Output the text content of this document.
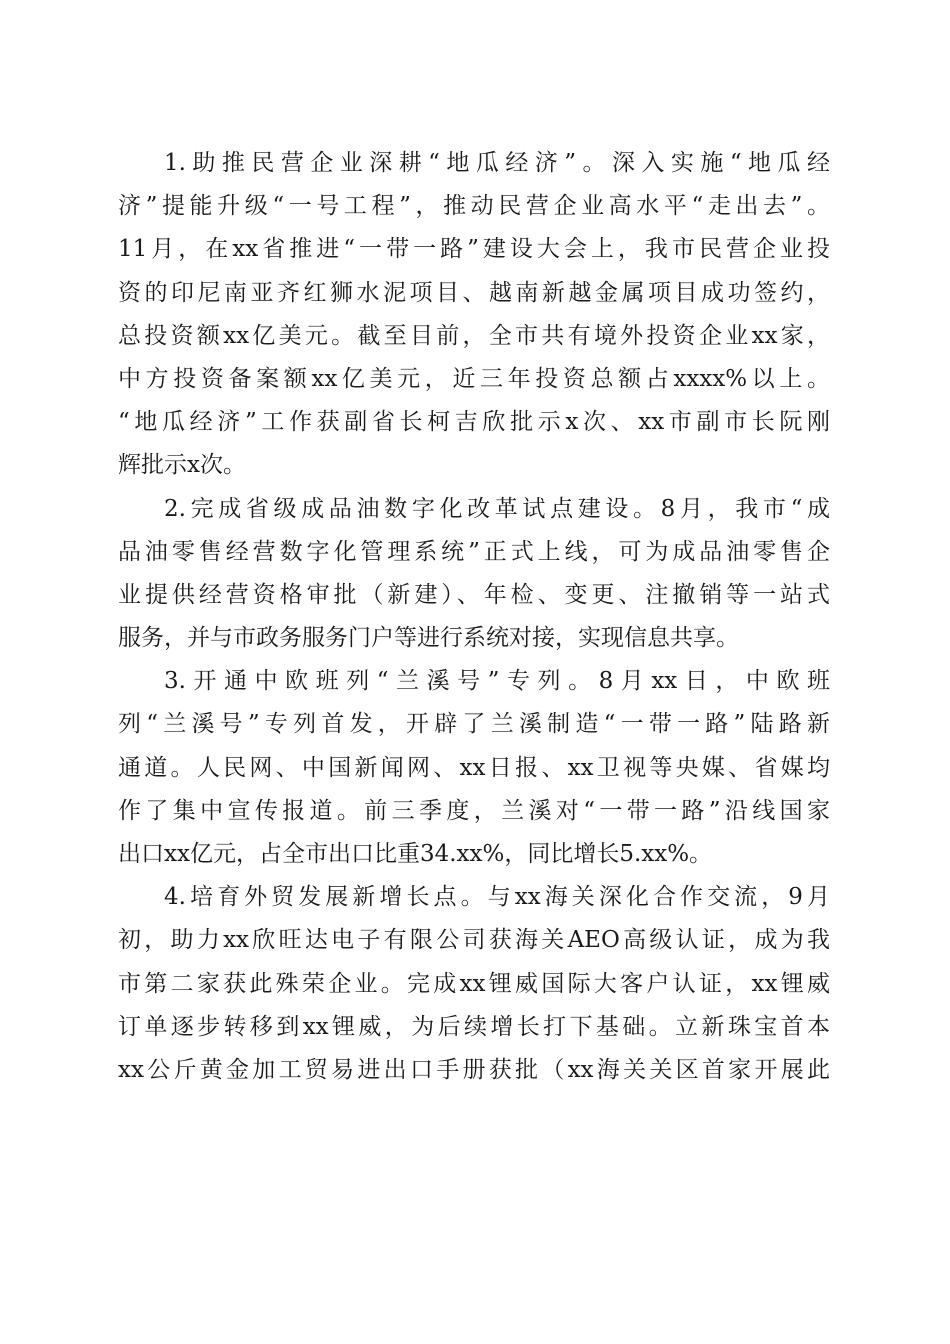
1.助推民营企业深耕“地瓜经济”。深入实施“地瓜经
济”提能升级“一号工程”，推动民营企业高水平“走出去”。
11月，在xx省推进“一带一路”建设大会上，我市民营企业投
资的印尼南亚齐红狮水泥项目、越南新越金属项目成功签约，
总投资额xx亿美元。截至目前，全市共有境外投资企业xx家，
中方投资备案额xx亿美元，近三年投资总额占xxxx%以上。
“地瓜经济”工作获副省长柯吉欣批示x次、xx市副市长阮刚
辉批示x次。
2.完成省级成品油数字化改革试点建设。8月，我市“成
品油零售经营数字化管理系统”正式上线，可为成品油零售企
业提供经营资格审批（新建）、年检、变更、注撤销等一站式
服务，并与市政务服务门户等进行系统对接，实现信息共享。
3.开通中欧班列“兰溪号”专列。8月xx日，中欧班
列“兰溪号”专列首发，开辟了兰溪制造“一带一路”陆路新
通道。人民网、中国新闻网、xx日报、xx卫视等央媒、省媒均
作了集中宣传报道。前三季度，兰溪对“一带一路”沿线国家
出口xx亿元，占全市出口比重34.xx%，同比增长5.xx%。
4.培育外贸发展新增长点。与xx海关深化合作交流，9月
初，助力xx欣旺达电子有限公司获海关AEO高级认证，成为我
市第二家获此殊荣企业。完成xx锂威国际大客户认证，xx锂威
订单逐步转移到xx锂威，为后续增长打下基础。立新珠宝首本
xx公斤黄金加工贸易进出口手册获批（xx海关关区首家开展此
